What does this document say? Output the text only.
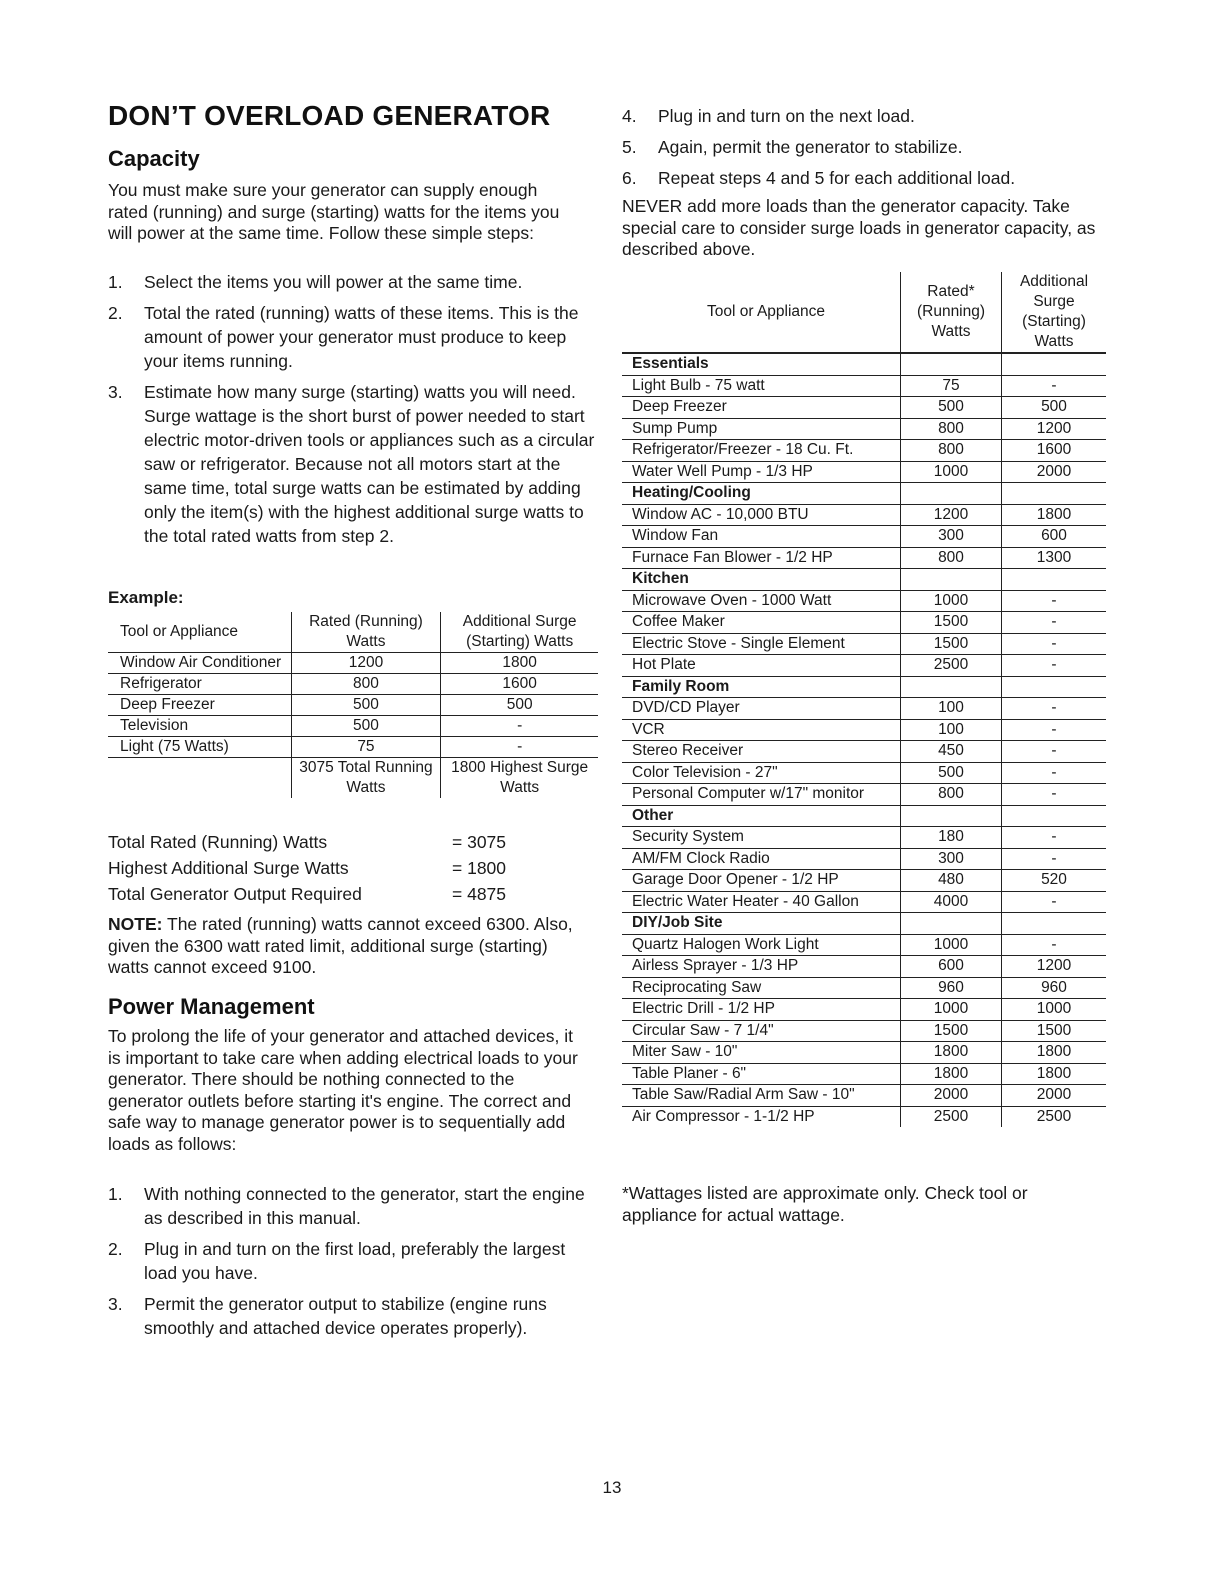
DON’T OVERLOAD GENERATOR
Capacity

You must make sure your generator can supply enough rated (running) and surge (starting) watts for the items you will power at the same time. Follow these simple steps:

1.	Select the items you will power at the same time.
2.	Total the rated (running) watts of these items. This is the amount of power your generator must produce to keep your items running.
3.	Estimate how many surge (starting) watts you will need. Surge wattage is the short burst of power needed to start electric motor-driven tools or appliances such as a circular saw or refrigerator. Because not all motors start at the same time, total surge watts can be estimated by adding only the item(s) with the highest additional surge watts to the total rated watts from step 2.
Example:
Tool or Appliance	Rated (Running) Watts	Additional Surge (Starting) Watts
Window Air Conditioner	1200	1800
Refrigerator	800	1600
Deep Freezer	500	500
Television	500	-
Light (75 Watts)	75	-
	3075 Total Running Watts	1800 Highest Surge Watts
Total Rated (Running) Watts	= 3075
Highest Additional Surge Watts	= 1800
Total Generator Output Required	= 4875

NOTE: The rated (running) watts cannot exceed 6300. Also, given the 6300 watt rated limit, additional surge (starting) watts cannot exceed 9100.

Power Management

To prolong the life of your generator and attached devices, it is important to take care when adding electrical loads to your generator. There should be nothing connected to the generator outlets before starting it's engine. The correct and safe way to manage generator power is to sequentially add loads as follows:

1.	With nothing connected to the generator, start the engine as described in this manual.
2.	Plug in and turn on the first load, preferably the largest load you have.
3.	Permit the generator output to stabilize (engine runs smoothly and attached device operates properly).
4.	Plug in and turn on the next load.
5.	Again, permit the generator to stabilize.
6.	Repeat steps 4 and 5 for each additional load.

NEVER add more loads than the generator capacity. Take special care to consider surge loads in generator capacity, as described above.

Tool or Appliance	Rated* (Running) Watts	Additional Surge (Starting) Watts
Essentials		
Light Bulb - 75 watt	75	-
Deep Freezer	500	500
Sump Pump	800	1200
Refrigerator/Freezer - 18 Cu. Ft.	800	1600
Water Well Pump - 1/3 HP	1000	2000
Heating/Cooling		
Window AC - 10,000 BTU	1200	1800
Window Fan	300	600
Furnace Fan Blower - 1/2 HP	800	1300
Kitchen		
Microwave Oven - 1000 Watt	1000	-
Coffee Maker	1500	-
Electric Stove - Single Element	1500	-
Hot Plate	2500	-
Family Room		
DVD/CD Player	100	-
VCR	100	-
Stereo Receiver	450	-
Color Television - 27"	500	-
Personal Computer w/17" monitor	800	-
Other		
Security System	180	-
AM/FM Clock Radio	300	-
Garage Door Opener - 1/2 HP	480	520
Electric Water Heater - 40 Gallon	4000	-
DIY/Job Site		
Quartz Halogen Work Light	1000	-
Airless Sprayer - 1/3 HP	600	1200
Reciprocating Saw	960	960
Electric Drill - 1/2 HP	1000	1000
Circular Saw - 7 1/4"	1500	1500
Miter Saw - 10"	1800	1800
Table Planer - 6"	1800	1800
Table Saw/Radial Arm Saw - 10"	2000	2000
Air Compressor - 1-1/2 HP	2500	2500

*Wattages listed are approximate only. Check tool or appliance for actual wattage.

13
